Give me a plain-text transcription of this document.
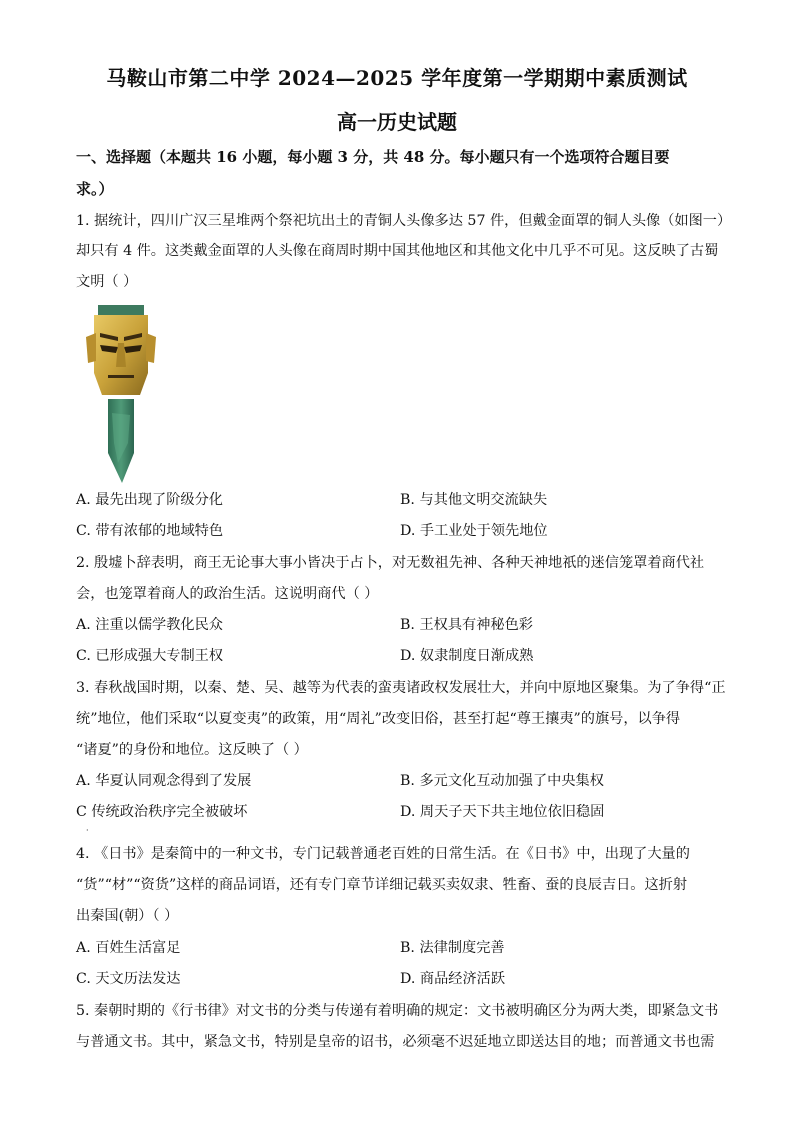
马鞍山市第二中学 2024—2025 学年度第一学期期中素质测试
高一历史试题
一、选择题（本题共 16 小题，每小题 3 分，共 48 分。每小题只有一个选项符合题目要
求。）
1. 据统计，四川广汉三星堆两个祭祀坑出土的青铜人头像多达 57 件，但戴金面罩的铜人头像（如图一）
却只有 4 件。这类戴金面罩的人头像在商周时期中国其他地区和其他文化中几乎不可见。这反映了古蜀
文明（ ）
A. 最先出现了阶级分化	B. 与其他文明交流缺失
C. 带有浓郁的地域特色	D. 手工业处于领先地位
2. 殷墟卜辞表明，商王无论事大事小皆决于占卜，对无数祖先神、各种天神地祇的迷信笼罩着商代社
会，也笼罩着商人的政治生活。这说明商代（ ）
A. 注重以儒学教化民众	B. 王权具有神秘色彩
C. 已形成强大专制王权	D. 奴隶制度日渐成熟
3. 春秋战国时期，以秦、楚、吴、越等为代表的蛮夷诸政权发展壮大，并向中原地区聚集。为了争得“正
统”地位，他们采取“以夏变夷”的政策，用“周礼”改变旧俗，甚至打起“尊王攘夷”的旗号，以争得
“诸夏”的身份和地位。这反映了（ ）
A. 华夏认同观念得到了发展	B. 多元文化互动加强了中央集权
C 传统政治秩序完全被破坏	D. 周天子天下共主地位依旧稳固
·
4. 《日书》是秦简中的一种文书，专门记载普通老百姓的日常生活。在《日书》中，出现了大量的
“货”“材”“资货”这样的商品词语，还有专门章节详细记载买卖奴隶、牲畜、蚕的良辰吉日。这折射
出秦国(朝）（ ）
A. 百姓生活富足	B. 法律制度完善
C. 天文历法发达	D. 商品经济活跃
5. 秦朝时期的《行书律》对文书的分类与传递有着明确的规定：文书被明确区分为两大类，即紧急文书
与普通文书。其中，紧急文书，特别是皇帝的诏书，必须毫不迟延地立即送达目的地；而普通文书也需
